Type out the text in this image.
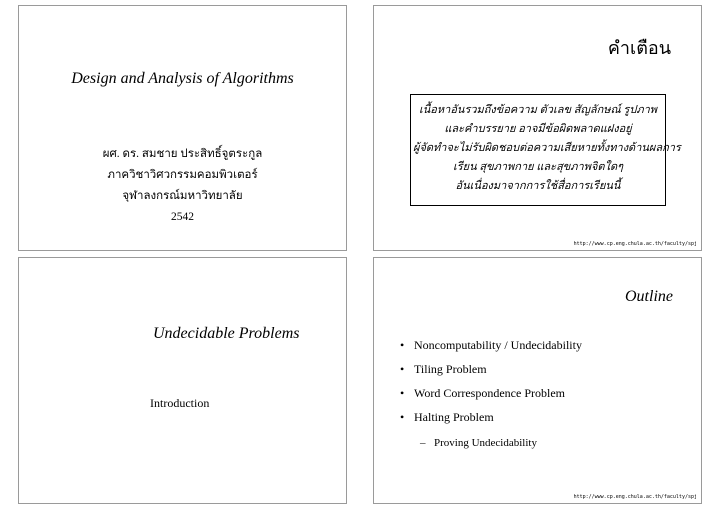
Design and Analysis of Algorithms
ผศ. ดร. สมชาย ประสิทธิ์จูตระกูล
ภาควิชาวิศวกรรมคอมพิวเตอร์
จุฬาลงกรณ์มหาวิทยาลัย
2542
คำเตือน
เนื้อหาอันรวมถึงข้อความ ตัวเลข สัญลักษณ์ รูปภาพ
และคำบรรยาย อาจมีข้อผิดพลาดแฝงอยู่
ผู้จัดทำจะไม่รับผิดชอบต่อความเสียหายทั้งทางด้านผลการ
เรียน สุขภาพกาย และสุขภาพจิตใดๆ
อันเนื่องมาจากการใช้สื่อการเรียนนี้
http://www.cp.eng.chula.ac.th/faculty/spj
Undecidable Problems
Introduction
Outline
• Noncomputability / Undecidability
• Tiling Problem
• Word Correspondence Problem
• Halting Problem
– Proving Undecidability
http://www.cp.eng.chula.ac.th/faculty/spj
